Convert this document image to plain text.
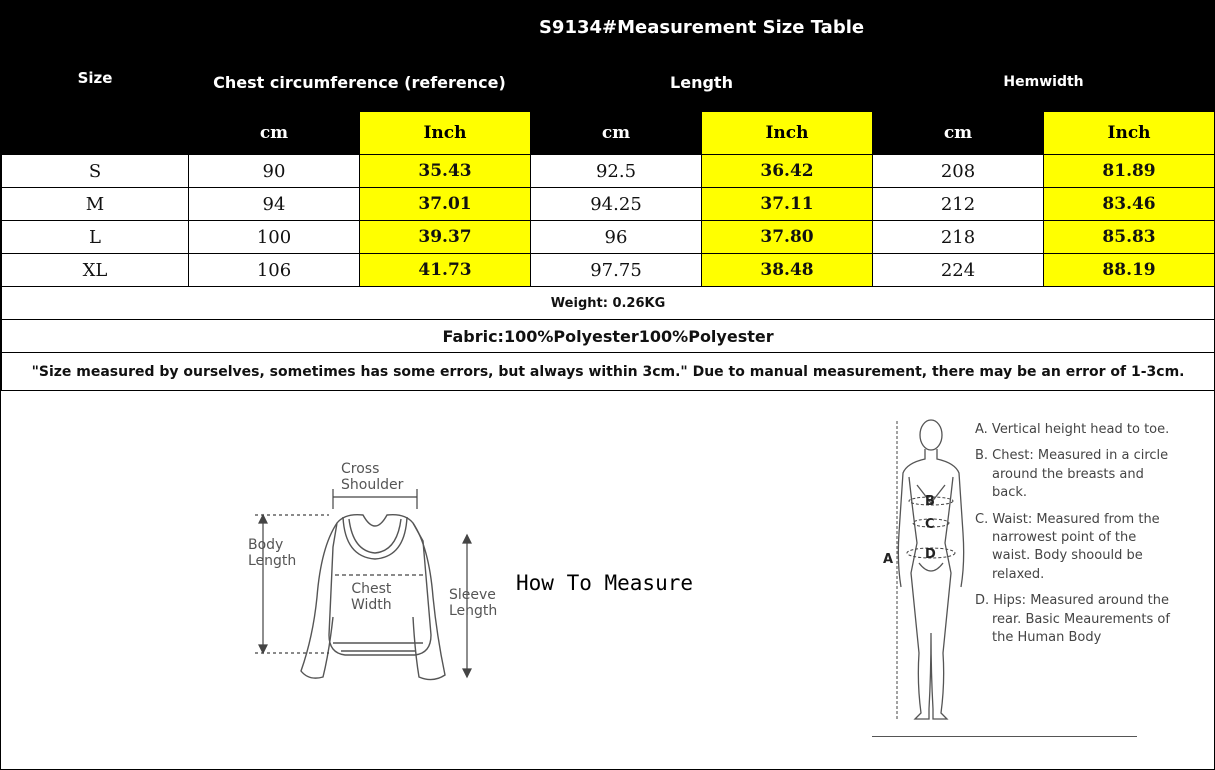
Size	S9134#Measurement Size Table					
	Chest circumference (reference)		Length		Hemwidth	
	cm	Inch	cm	Inch	cm	Inch
S	90	35.43	92.5	36.42	208	81.89
M	94	37.01	94.25	37.11	212	83.46
L	100	39.37	96	37.80	218	85.83
XL	106	41.73	97.75	38.48	224	88.19
Weight: 0.26KG						
Fabric:100%Polyester100%Polyester						
"Size measured by ourselves, sometimes has some errors, but always within 3cm." Due to manual measurement, there may be an error of 1-3cm.						
Cross
Shoulder
Body
Length
Chest
Width
Sleeve
Length
How To Measure
A
B
C
D
A. Vertical height head to toe.
B. Chest: Measured in a circle around the breasts and back.
C. Waist: Measured from the narrowest point of the waist. Body shoould be relaxed.
D. Hips: Measured around the rear. Basic Meaurements of the Human Body
